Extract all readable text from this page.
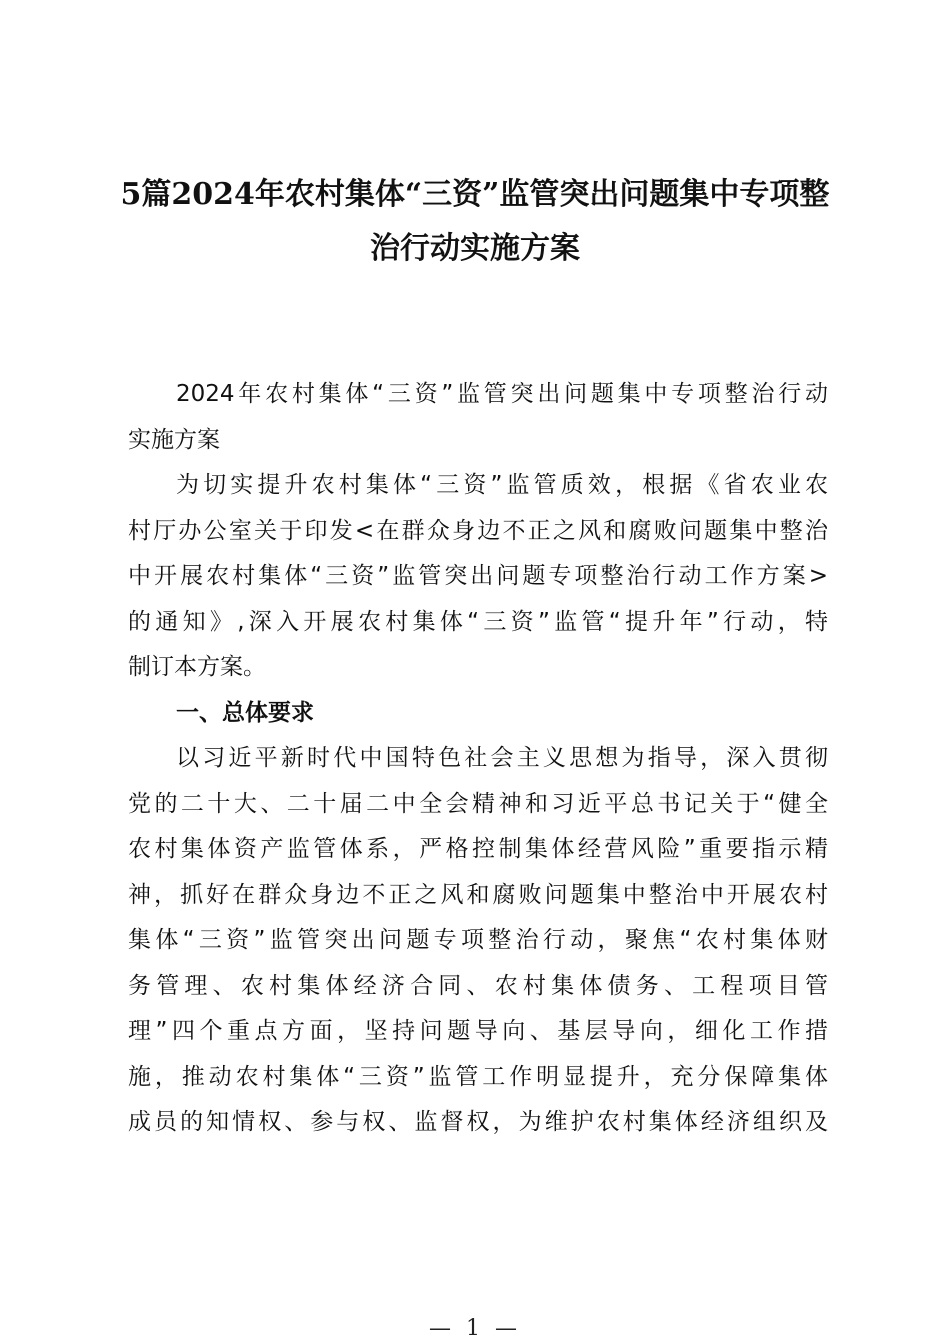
5篇2024年农村集体“三资”监管突出问题集中专项整
治行动实施方案
2024年农村集体“三资”监管突出问题集中专项整治行动
实施方案
为切实提升农村集体“三资”监管质效，根据《省农业农
村厅办公室关于印发<在群众身边不正之风和腐败问题集中整治
中开展农村集体“三资”监管突出问题专项整治行动工作方案>
的通知》,深入开展农村集体“三资”监管“提升年”行动，特
制订本方案。
一、总体要求
以习近平新时代中国特色社会主义思想为指导，深入贯彻
党的二十大、二十届二中全会精神和习近平总书记关于“健全
农村集体资产监管体系，严格控制集体经营风险”重要指示精
神，抓好在群众身边不正之风和腐败问题集中整治中开展农村
集体“三资”监管突出问题专项整治行动，聚焦“农村集体财
务管理、农村集体经济合同、农村集体债务、工程项目管
理”四个重点方面，坚持问题导向、基层导向，细化工作措
施，推动农村集体“三资”监管工作明显提升，充分保障集体
成员的知情权、参与权、监督权，为维护农村集体经济组织及
— 1 —
